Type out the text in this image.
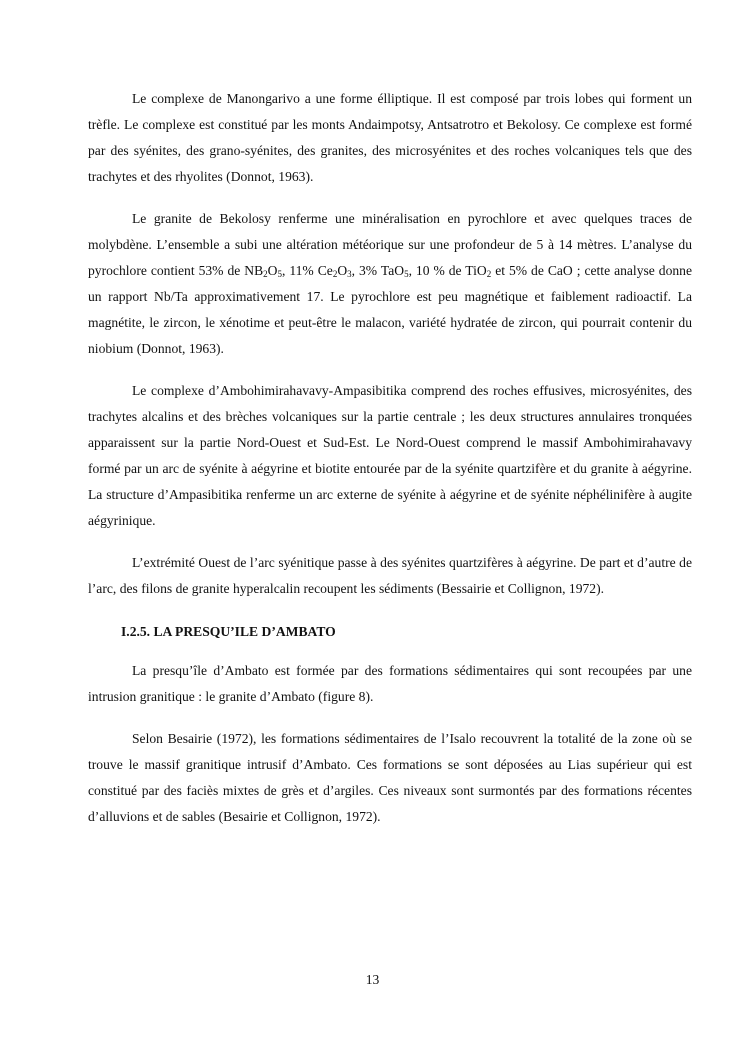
Le complexe de Manongarivo a une forme élliptique. Il est composé par trois lobes qui forment un trèfle. Le complexe est constitué par les monts Andaimpotsy, Antsatrotro et Bekolosy. Ce complexe est formé par des syénites, des grano-syénites, des granites, des microsyénites et des roches volcaniques tels que des trachytes et des rhyolites (Donnot, 1963).

Le granite de Bekolosy renferme une minéralisation en pyrochlore et avec quelques traces de molybdène. L’ensemble a subi une altération météorique sur une profondeur de 5 à 14 mètres. L’analyse du pyrochlore contient 53% de $NB_2O_5$, 11% $Ce_2O_3$, 3% TaO$_5$, 10 % de TiO$_2$ et 5% de CaO ; cette analyse donne un rapport Nb/Ta approximativement 17. Le pyrochlore est peu magnétique et faiblement radioactif. La magnétite, le zircon, le xénotime et peut-être le malacon, variété hydratée de zircon, qui pourrait contenir du niobium (Donnot, 1963).

Le complexe d’Ambohimirahavavy-Ampasibitika comprend des roches effusives, microsyénites, des trachytes alcalins et des brèches volcaniques sur la partie centrale ; les deux structures annulaires tronquées apparaissent sur la partie Nord-Ouest et Sud-Est. Le Nord-Ouest comprend le massif Ambohimirahavavy formé par un arc de syénite à aégyrine et biotite entourée par de la syénite quartzifère et du granite à aégyrine. La structure d’Ampasibitika renferme un arc externe de syénite à aégyrine et de syénite néphélinifère à augite aégyrinique.

L’extrémité Ouest de l’arc syénitique passe à des syénites quartzifères à aégyrine. De part et d’autre de l’arc, des filons de granite hyperalcalin recoupent les sédiments (Bessairie et Collignon, 1972).

I.2.5. LA PRESQU’ILE D’AMBATO

La presqu’île d’Ambato est formée par des formations sédimentaires qui sont recoupées par une intrusion granitique : le granite d’Ambato (figure 8).

Selon Besairie (1972), les formations sédimentaires de l’Isalo recouvrent la totalité de la zone où se trouve le massif granitique intrusif d’Ambato. Ces formations se sont déposées au Lias supérieur qui est constitué par des faciès mixtes de grès et d’argiles. Ces niveaux sont surmontés par des formations récentes d’alluvions et de sables (Besairie et Collignon, 1972).

13
